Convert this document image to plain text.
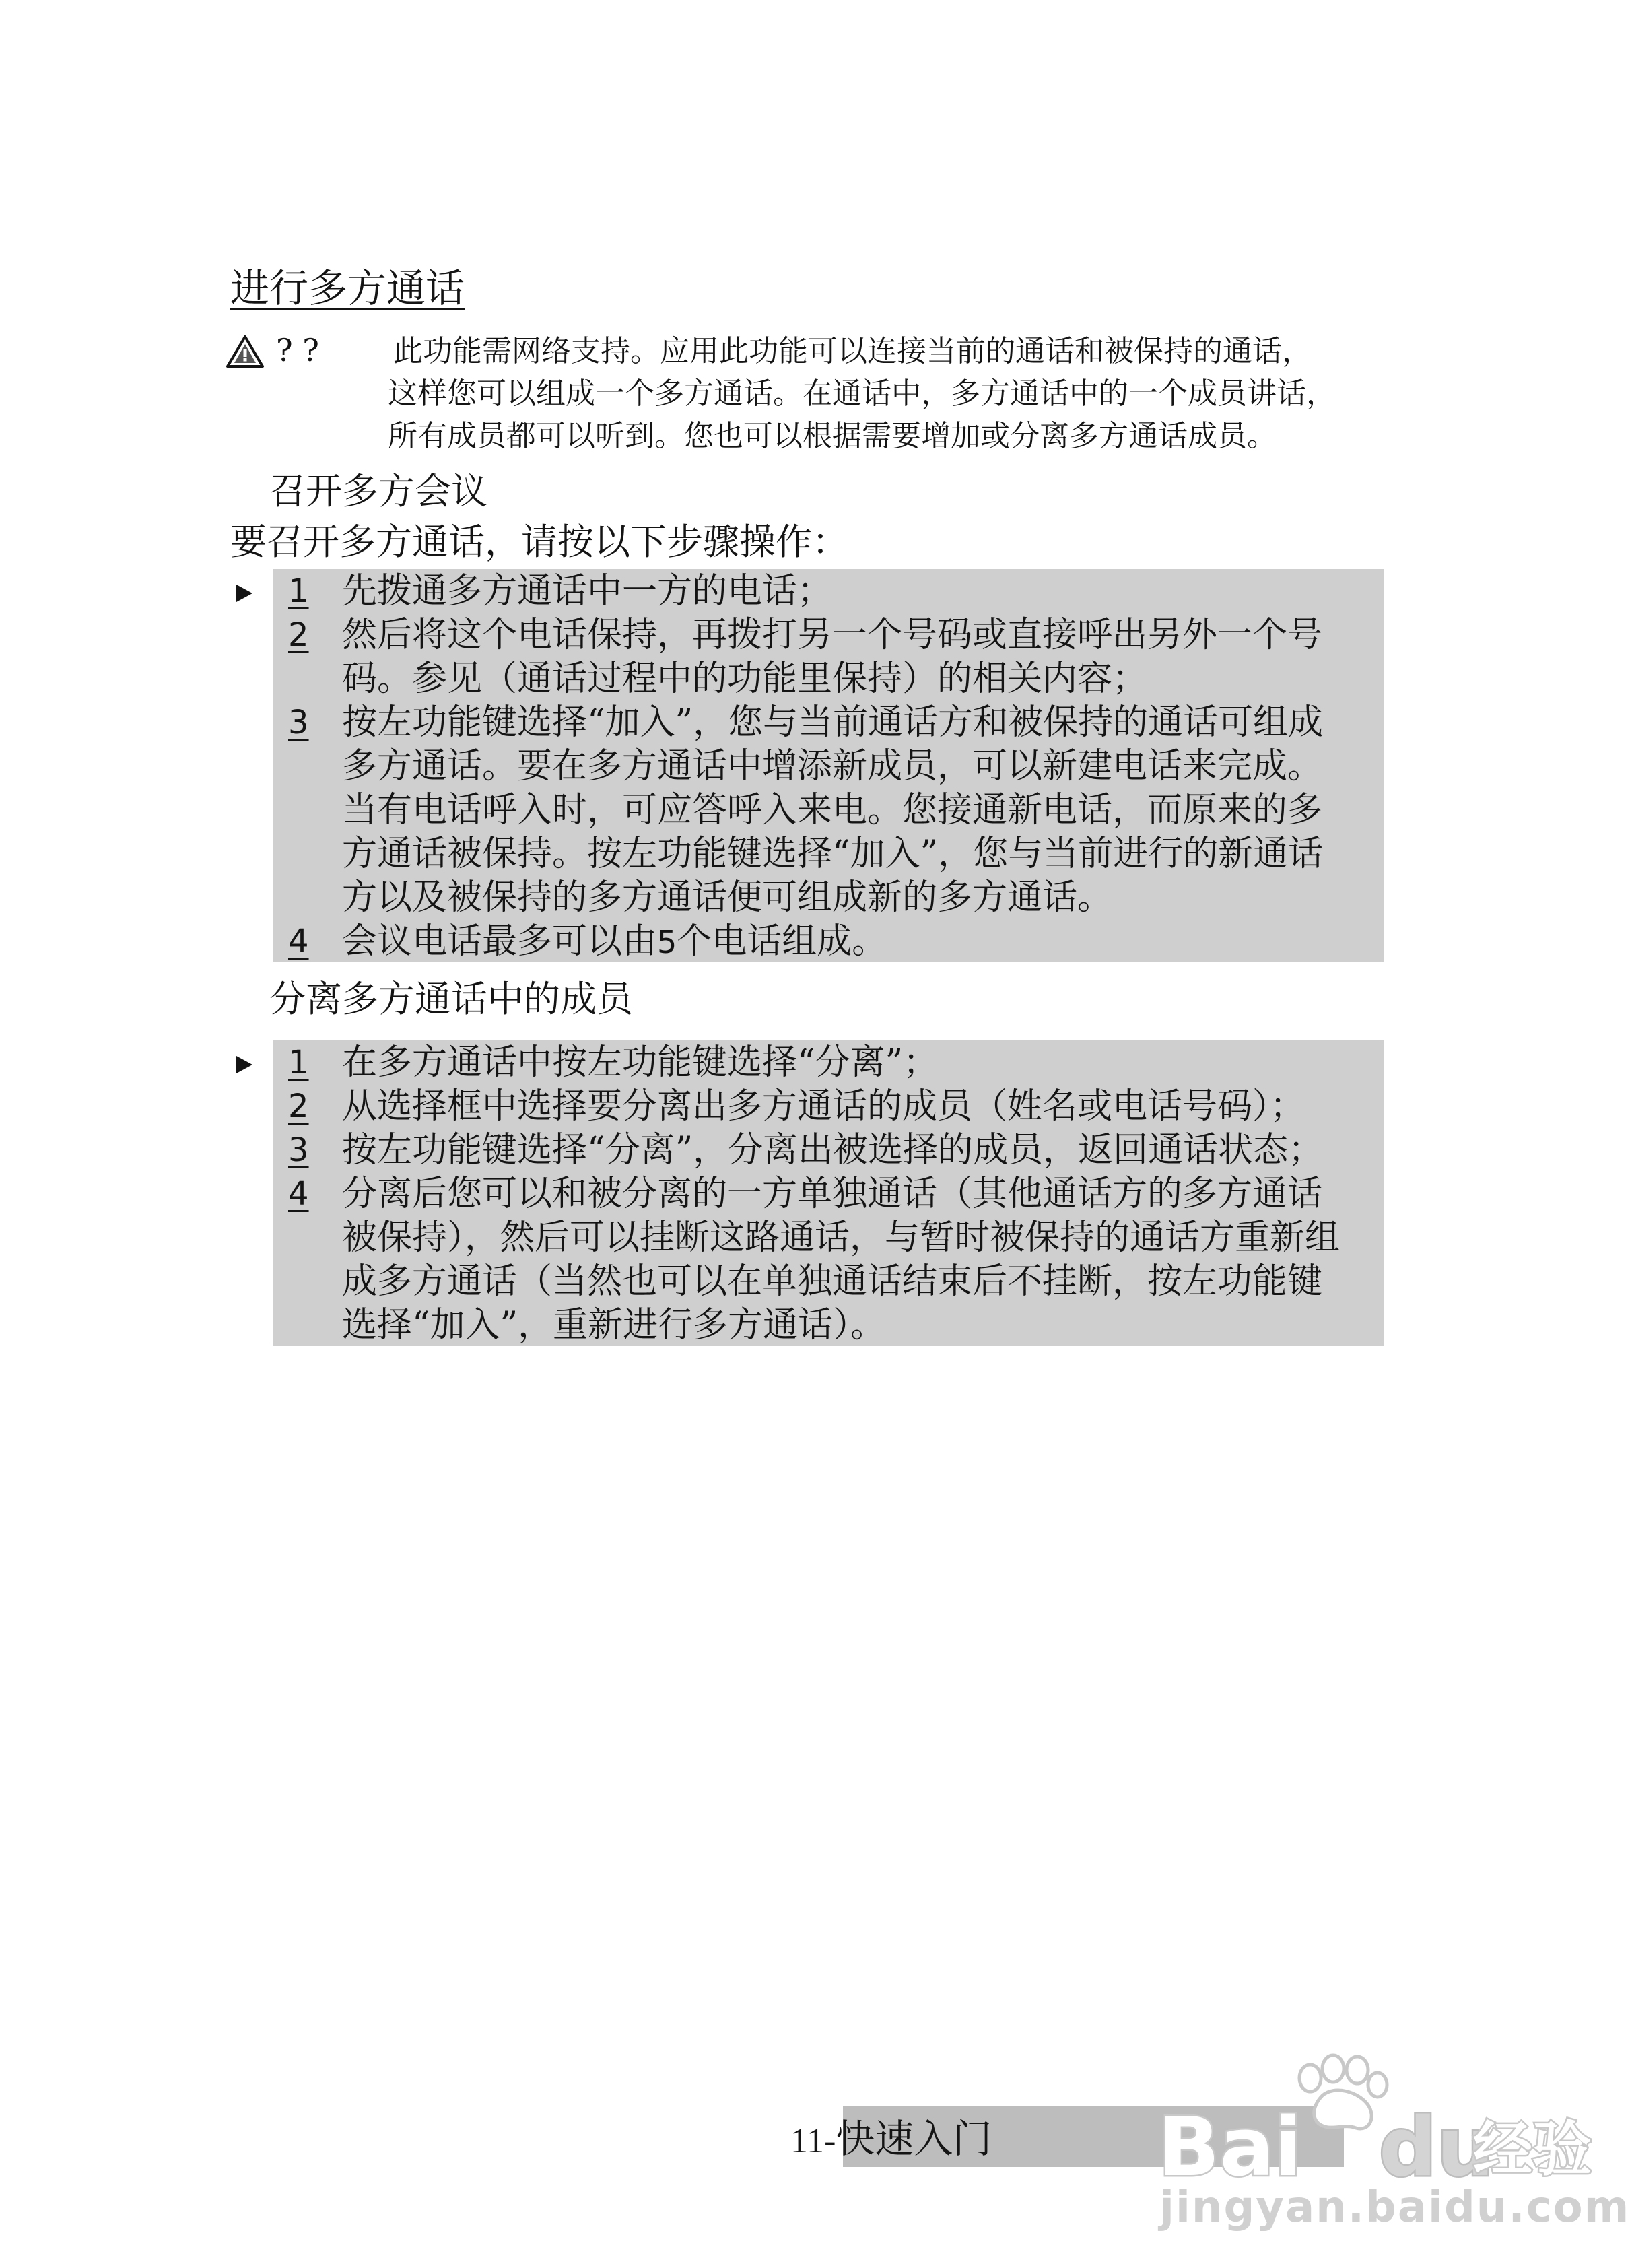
进行多方通话
? ?	此功能需网络支持。应用此功能可以连接当前的通话和被保持的通话，

这样您可以组成一个多方通话。在通话中，多方通话中的一个成员讲话，

所有成员都可以听到。您也可以根据需要增加或分离多方通话成员。

召开多方会议
要召开多方通话，请按以下步骤操作：
1 先拨通多方通话中一方的电话；
2 然后将这个电话保持，再拨打另一个号码或直接呼出另外一个号
码。参见（通话过程中的功能里保持）的相关内容；
3 按左功能键选择“加入”，您与当前通话方和被保持的通话可组成
多方通话。要在多方通话中增添新成员，可以新建电话来完成。
当有电话呼入时，可应答呼入来电。您接通新电话，而原来的多
方通话被保持。按左功能键选择“加入”，您与当前进行的新通话
方以及被保持的多方通话便可组成新的多方通话。
4 会议电话最多可以由5个电话组成。
分离多方通话中的成员
1 在多方通话中按左功能键选择“分离”；
2 从选择框中选择要分离出多方通话的成员（姓名或电话号码）；
3 按左功能键选择“分离”，分离出被选择的成员，返回通话状态；
4 分离后您可以和被分离的一方单独通话（其他通话方的多方通话
被保持），然后可以挂断这路通话，与暂时被保持的通话方重新组
成多方通话（当然也可以在单独通话结束后不挂断，按左功能键
选择“加入”，重新进行多方通话）。
11-快速入门 Bai du
经验
jingyan.baidu.com
